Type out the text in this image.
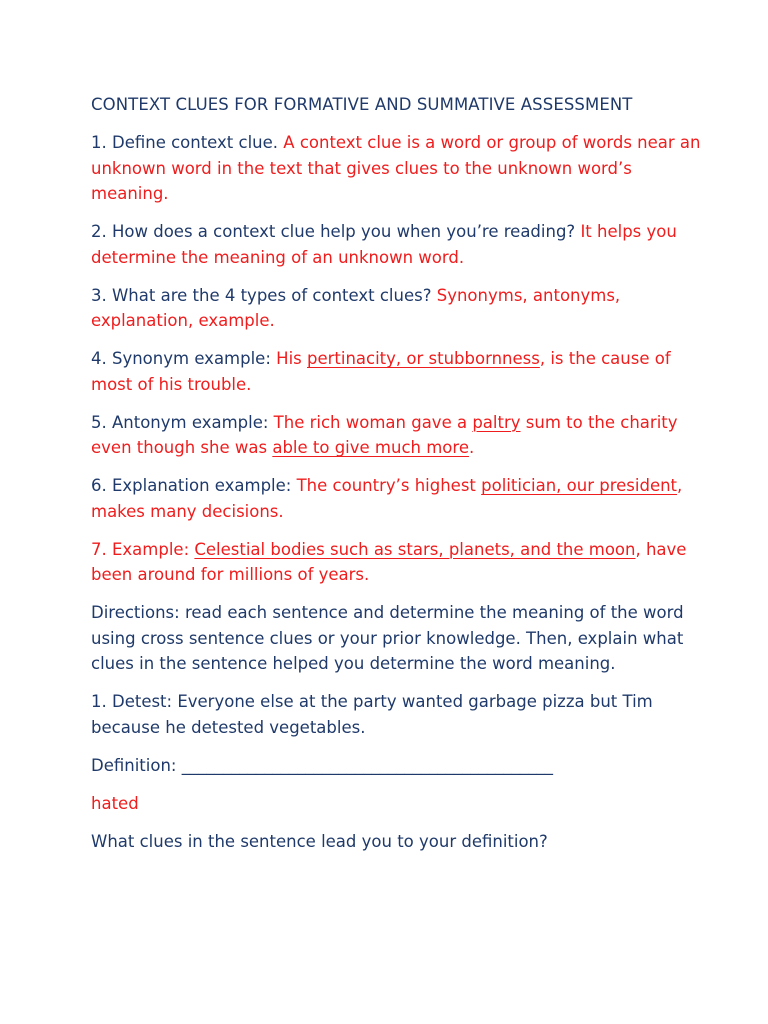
CONTEXT CLUES FOR FORMATIVE AND SUMMATIVE ASSESSMENT

1. Define context clue. A context clue is a word or group of words near an unknown word in the text that gives clues to the unknown word’s meaning.

2. How does a context clue help you when you’re reading? It helps you determine the meaning of an unknown word.

3. What are the 4 types of context clues? Synonyms, antonyms, explanation, example.

4. Synonym example: His pertinacity, or stubbornness, is the cause of most of his trouble.

5. Antonym example: The rich woman gave a paltry sum to the charity even though she was able to give much more.

6. Explanation example: The country’s highest politician, our president, makes many decisions.

7. Example: Celestial bodies such as stars, planets, and the moon, have been around for millions of years.

Directions: read each sentence and determine the meaning of the word using cross sentence clues or your prior knowledge. Then, explain what clues in the sentence helped you determine the word meaning.

1. Detest: Everyone else at the party wanted garbage pizza but Tim because he detested vegetables.

Definition: _____________________________________________

hated

What clues in the sentence lead you to your definition?
